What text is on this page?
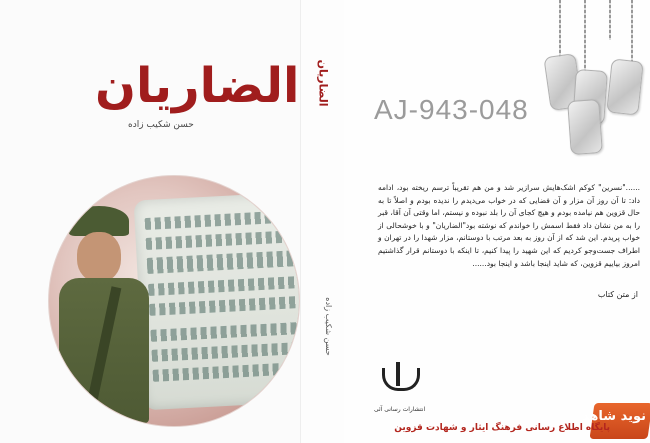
الضاریان
حسن شکیب زاده
الضاریان
حسن شکیب زاده
AJ-943-048
......"نسرین" کوکم اشک‌هایش سرازیر شد و من هم تقریباً ترسم ریخته بود، ادامه داد: تا آن روز آن مزار و آن فضایی که در خواب می‌دیدم را ندیده بودم و اصلاً تا به حال قزوین هم نیامده بودم و هیچ کجای آن را بلد نبوده و نیستم، اما وقتی آن آقا، قبر را به من نشان داد فقط اسمش را خواندم که نوشته بود"الضاریان" و با خوشحالی از خواب پریدم. این شد که از آن روز به بعد مرتب با دوستانم، مزار شهدا را در تهران و اطراف جست‌وجو کردیم که این شهید را پیدا کنیم، تا اینکه با دوستانم قرار گذاشتیم امروز بیاییم قزوین، که شاید اینجا باشد و اینجا بود......
از متن کتاب
انتشارات رسانی آئی	نوید شاهد
پایگاه اطلاع رسانی فرهنگ ایثار و شهادت قزوین
